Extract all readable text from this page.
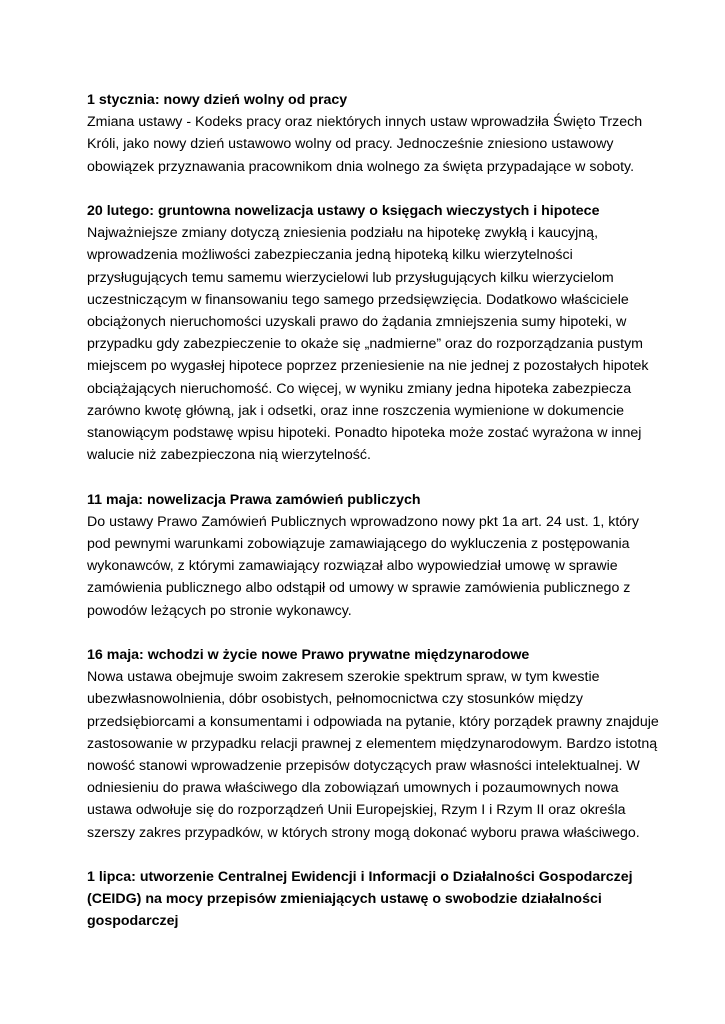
1 stycznia: nowy dzień wolny od pracy

Zmiana ustawy - Kodeks pracy oraz niektórych innych ustaw wprowadziła Święto Trzech Króli, jako nowy dzień ustawowo wolny od pracy. Jednocześnie zniesiono ustawowy obowiązek przyznawania pracownikom dnia wolnego za święta przypadające w soboty.

20 lutego: gruntowna nowelizacja ustawy o księgach wieczystych i hipotece

Najważniejsze zmiany dotyczą zniesienia podziału na hipotekę zwykłą i kaucyjną, wprowadzenia możliwości zabezpieczania jedną hipoteką kilku wierzytelności przysługujących temu samemu wierzycielowi lub przysługujących kilku wierzycielom uczestniczącym w finansowaniu tego samego przedsięwzięcia. Dodatkowo właściciele obciążonych nieruchomości uzyskali prawo do żądania zmniejszenia sumy hipoteki, w przypadku gdy zabezpieczenie to okaże się „nadmierne” oraz do rozporządzania pustym miejscem po wygasłej hipotece poprzez przeniesienie na nie jednej z pozostałych hipotek obciążających nieruchomość. Co więcej, w wyniku zmiany jedna hipoteka zabezpiecza zarówno kwotę główną, jak i odsetki, oraz inne roszczenia wymienione w dokumencie stanowiącym podstawę wpisu hipoteki. Ponadto hipoteka może zostać wyrażona w innej walucie niż zabezpieczona nią wierzytelność.

11 maja: nowelizacja Prawa zamówień publiczych

Do ustawy Prawo Zamówień Publicznych wprowadzono nowy pkt 1a art. 24 ust. 1, który pod pewnymi warunkami zobowiązuje zamawiającego do wykluczenia z postępowania wykonawców, z którymi zamawiający rozwiązał albo wypowiedział umowę w sprawie zamówienia publicznego albo odstąpił od umowy w sprawie zamówienia publicznego z powodów leżących po stronie wykonawcy.

16 maja: wchodzi w życie nowe Prawo prywatne międzynarodowe

Nowa ustawa obejmuje swoim zakresem szerokie spektrum spraw, w tym kwestie ubezwłasnowolnienia, dóbr osobistych, pełnomocnictwa czy stosunków między przedsiębiorcami a konsumentami i odpowiada na pytanie, który porządek prawny znajduje zastosowanie w przypadku relacji prawnej z elementem międzynarodowym. Bardzo istotną nowość stanowi wprowadzenie przepisów dotyczących praw własności intelektualnej. W odniesieniu do prawa właściwego dla zobowiązań umownych i pozaumownych nowa ustawa odwołuje się do rozporządzeń Unii Europejskiej, Rzym I i Rzym II oraz określa szerszy zakres przypadków, w których strony mogą dokonać wyboru prawa właściwego.

1 lipca: utworzenie Centralnej Ewidencji i Informacji o Działalności Gospodarczej (CEIDG) na mocy przepisów zmieniających ustawę o swobodzie działalności gospodarczej
